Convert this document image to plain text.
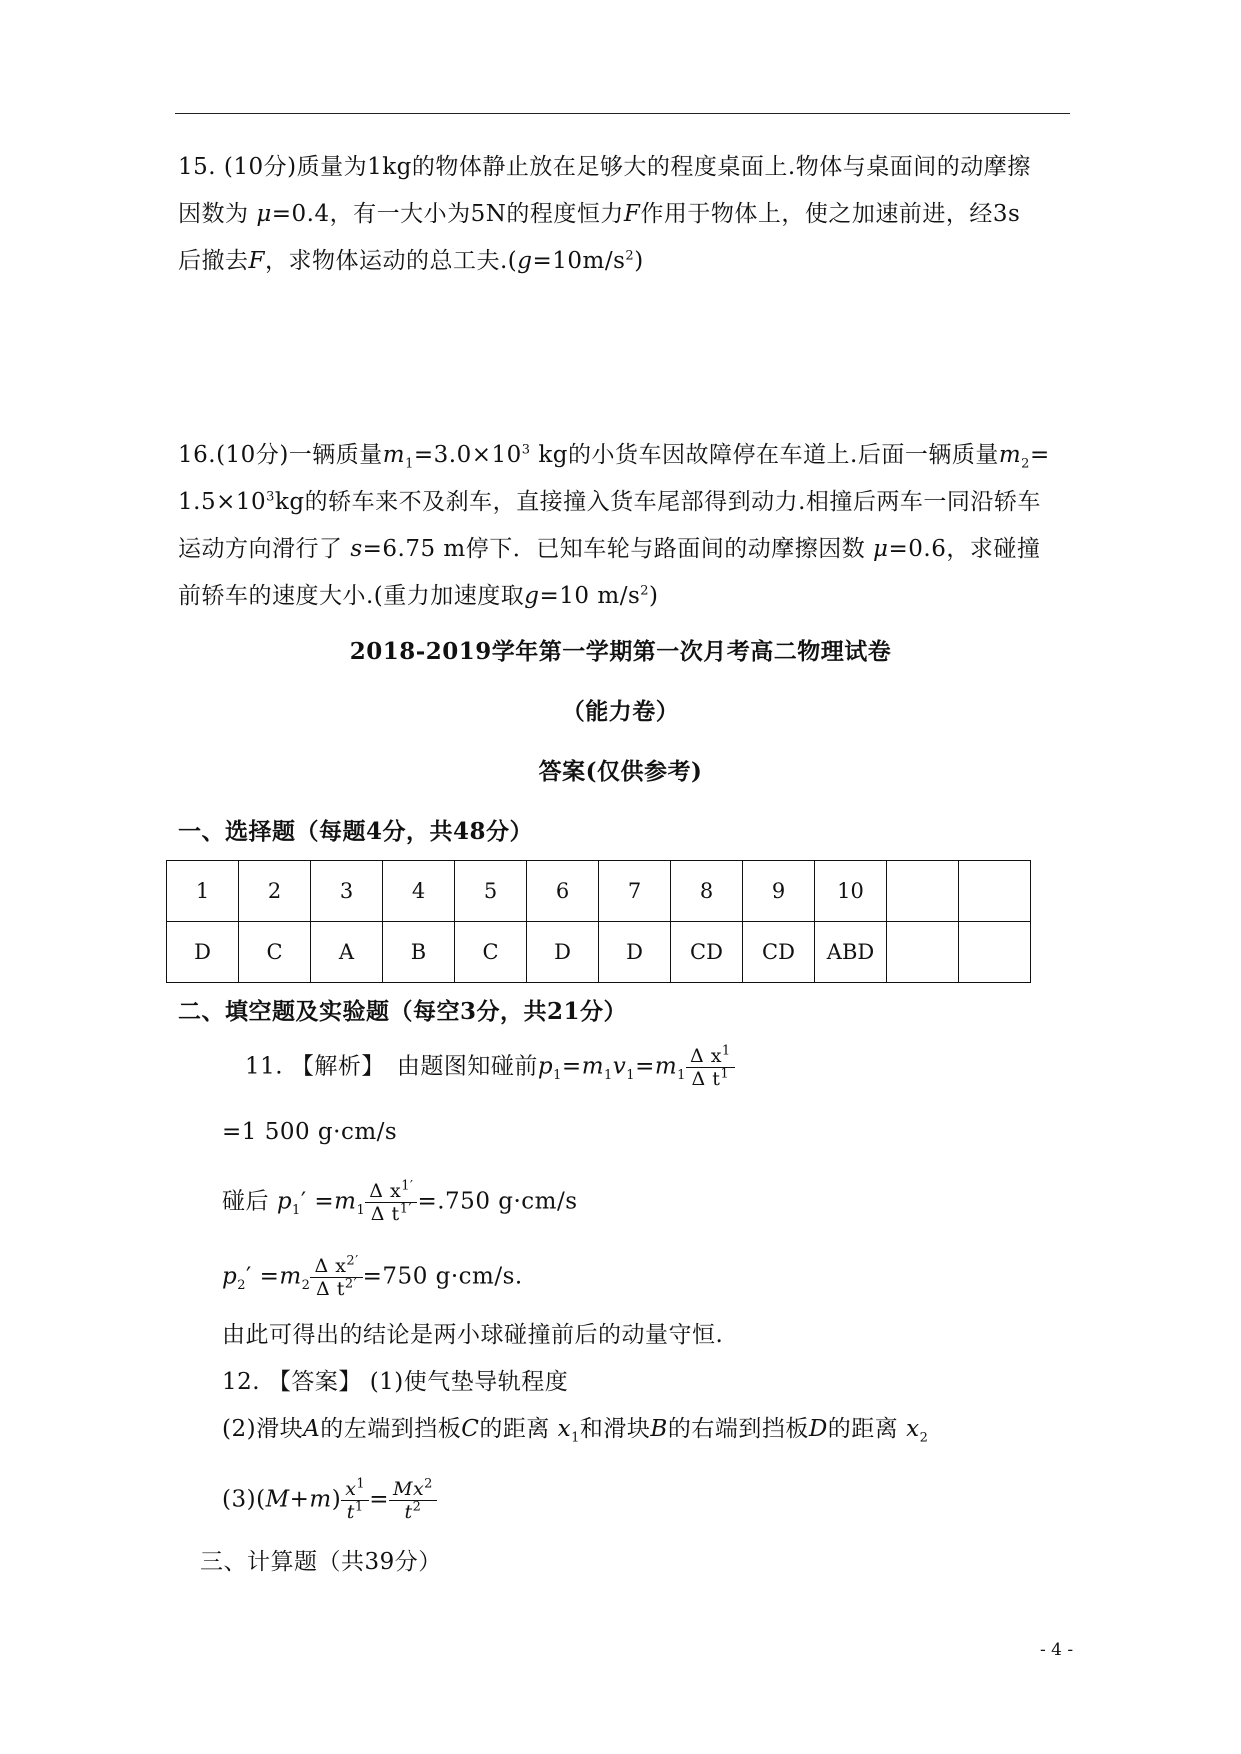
15. (10分)质量为1kg的物体静止放在足够大的程度桌面上.物体与桌面间的动摩擦
因数为 μ=0.4，有一大小为5N的程度恒力F作用于物体上，使之加速前进，经3s
后撤去F，求物体运动的总工夫$.(g=10m/s^2)$
16.(10分)一辆质量$m_1=3.0\times 10^3$ kg的小货车因故障停在车道上.后面一辆质量$m_2=$
$1.5\times 10^3kg$的轿车来不及刹车，直接撞入货车尾部得到动力.相撞后两车一同沿轿车
运动方向滑行了 s=6.75 m停下．已知车轮与路面间的动摩擦因数 μ=0.6，求碰撞
前轿车的速度大小.(重力加速度取g=10 $m/s^2$)
2018-2019学年第一学期第一次月考高二物理试卷
（能力卷）
答案(仅供参考)
一、选择题（每题4分，共48分）
1	2	3	4	5	6	7	8	9	10		
D	C	A	B	C	D	D	CD	CD	ABD		
二、填空题及实验题（每空3分，共21分）
11. 【解析】　由题图知碰前$p_1=m_1v_1=m_1 \frac{\Delta x^1}{\Delta t^1}$
=1 500 g·cm/s
碰后 $p_1' =m_1 \frac{\Delta x^{1'}}{\Delta t^{1'}} =.750$ g·cm/s
$p_2' =m_2 \frac{\Delta x^{2'}}{\Delta t^{2'}} =750$ g·cm/s.
由此可得出的结论是两小球碰撞前后的动量守恒.
12. 【答案】 (1)使气垫导轨程度
(2)滑块A的左端到挡板C的距离 $x_1$和滑块B的右端到挡板D的距离 $x_2$
$(3)(M+m) \frac{x^1}{t^1} = \frac{Mx^2}{t^2}$
三、计算题（共39分）
- 4 -
